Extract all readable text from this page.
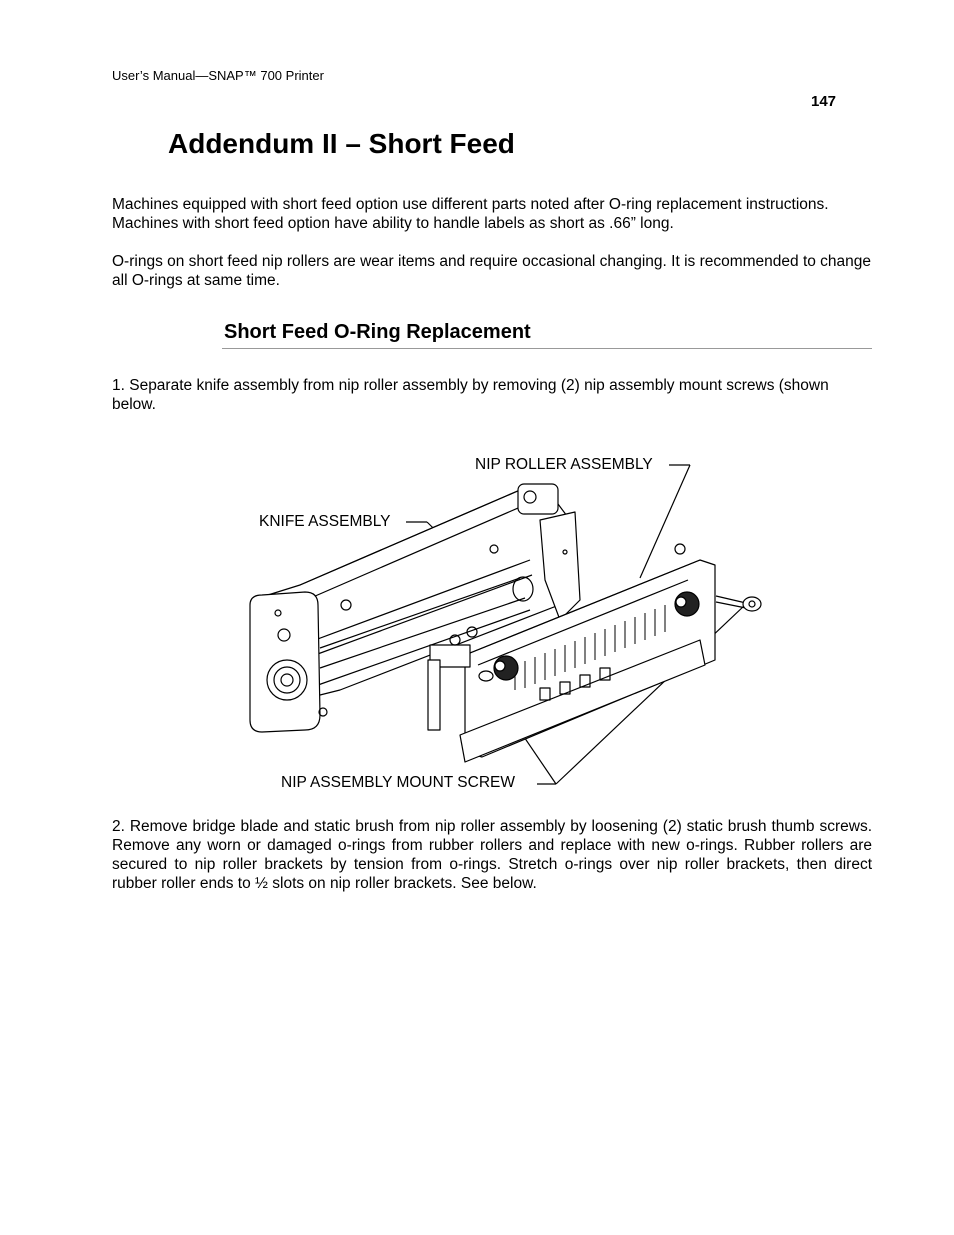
User’s Manual—SNAP™ 700 Printer
147
Addendum II – Short Feed

Machines equipped with short feed option use different parts noted after O-ring replacement instructions. Machines with short feed option have ability to handle labels as short as .66” long.

O-rings on short feed nip rollers are wear items and require occasional changing. It is recommended to change all O-rings at same time.

Short Feed O-Ring Replacement

1. Separate knife assembly from nip roller assembly by removing (2) nip assembly mount screws (shown below.

NIP ROLLER ASSEMBLY
KNIFE ASSEMBLY
NIP ASSEMBLY MOUNT SCREW

2. Remove bridge blade and static brush from nip roller assembly by loosening (2) static brush thumb screws. Remove any worn or damaged o-rings from rubber rollers and replace with new o-rings. Rubber rollers are secured to nip roller brackets by tension from o-rings. Stretch o-rings over nip roller brackets, then direct rubber roller ends to ½ slots on nip roller brackets. See below.
